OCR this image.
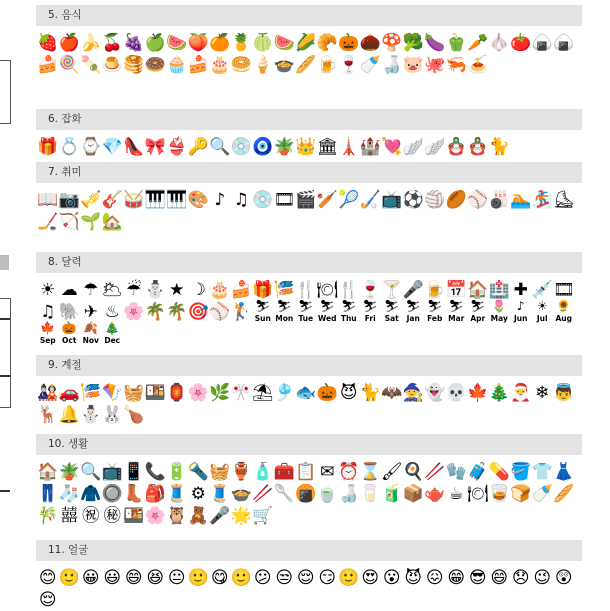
5. 음식
🍓 🍎 🍌 🍒 🍇 🍏 🍉 🍑 🍊 🍍 🍈 🍉 🌽 🥐 🎃 🌰 🍄 🥦 🍆 🫑 🥕 🧄 🍅 🍙 🍙
🍰 🍭 🍡 🍮 🥞 🍩 🧁 🍰 🎂 🥯 🍦 🍲 🥖 🍺 🍷 🍼 🍶 🐷 🐙 🦐 🍝
6. 잡화
🎁 💍 ⌚ 💎 👠 🎀 👙 🔑 🔍 💿 🧿 🪴 👑 🏛 🗼 🏰 💘 🪽 🪽 🪆 🪆 🐈
7. 취미
📖 📷 🎺 🎸 🥁 🎹 🎹 🎨 ♪ ♫ 💿 🎞 🎬 🏏 🎾 🏑 📺 ⚽ 🏐 🏉 ⚾ 🎳 🏊 🏂 ⛸
🏒 🏹 🌱 🏡
8. 달력
☀ ☁ ☂ 🌥 ☔ ⛄ ★ ☽ 🎂 🍰 🎁 🎏 🍴 🍽 🍴 🍷 🍸 🎤 🍺 📅 🏠 🏥 ✚ 💉 🎞
♫ 🐘 ✈ ♨ 🌸 🌴 🌴 🎯 ⚾ 🏌 ⛷
Sun
⛷
Mon
⛷
Tue
⛷
Wed
⛷
Thu
⛷
Fri
⛷
Sat
⛷
Jan
⛷
Feb
⛷
Mar
⛷
Apr
🌷
May
♪
Jun
☀
Jul
🌻
Aug
🍁
Sep
🎃
Oct
🍂
Nov
🎄
Dec
9. 계절
🎎 🚗 🎏 🪁 🧺 🍱 🏮 🌸 🌿 🎌 ⛱ 🎐 🐟 🎃 😈 🐈 🦇 🧙 👻 💀 🍁 🎄 🎅 ❄ 👼
🦌 🔔 ⛄ 🐰 🍗
10. 생활
🏠 🪴 🔍 📺 📱 📞 🔋 🔦 🧺 🏺 🧴 🧰 📋 ✉ ⏰ ⌛ 🖌 🍳 🥢 🧤 🧳 💊 🪣 👕 👗
👖 🧦 🧥 🔘 👢 🎒 🧵 ⚙ 🧵 🍲 🥢 🥄 🍘 🍵 🍶 🥛 🧃 📦 🫖 ☕ 🍽 🥃 🍞 🍼 🥖
🎋 囍 ㊗ ㊙ 🍱 🌸 🦉 🧸 🎤 🌟 🛒
11. 얼굴
😊 🙂 😀 😃 😄 😆 😐 🙂 😋 🙂 😕 😒 😌 😏 🙂 😍 😮 😈 😖 😁 😎 😄 😞 😉 😲
😌
